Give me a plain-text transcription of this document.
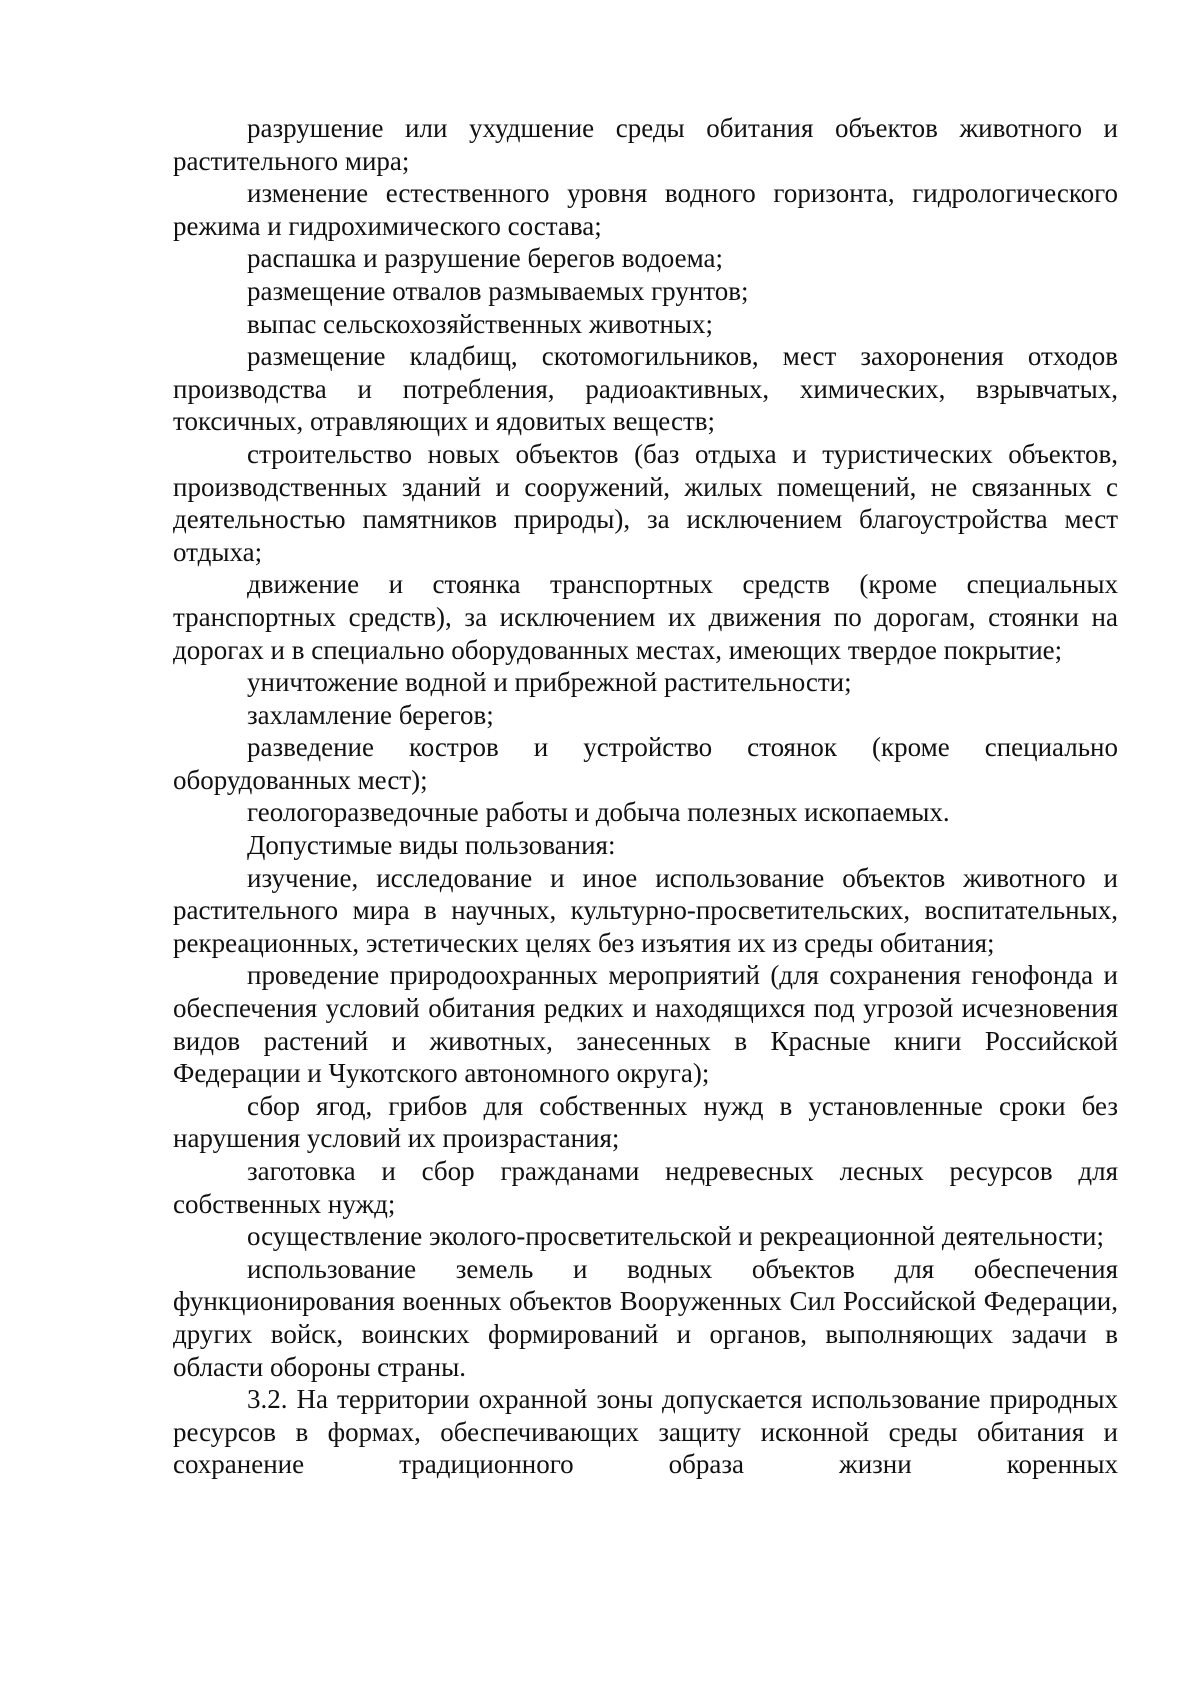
разрушение или ухудшение среды обитания объектов животного и растительного мира;

изменение естественного уровня водного горизонта, гидрологического режима и гидрохимического состава;

распашка и разрушение берегов водоема;

размещение отвалов размываемых грунтов;

выпас сельскохозяйственных животных;

размещение кладбищ, скотомогильников, мест захоронения отходов производства и потребления, радиоактивных, химических, взрывчатых, токсичных, отравляющих и ядовитых веществ;

строительство новых объектов (баз отдыха и туристических объектов, производственных зданий и сооружений, жилых помещений, не связанных с деятельностью памятников природы), за исключением благоустройства мест отдыха;

движение и стоянка транспортных средств (кроме специальных транспортных средств), за исключением их движения по дорогам, стоянки на дорогах и в специально оборудованных местах, имеющих твердое покрытие;

уничтожение водной и прибрежной растительности;

захламление берегов;

разведение костров и устройство стоянок (кроме специально оборудованных мест);

геологоразведочные работы и добыча полезных ископаемых.

Допустимые виды пользования:

изучение, исследование и иное использование объектов животного и растительного мира в научных, культурно-просветительских, воспитательных, рекреационных, эстетических целях без изъятия их из среды обитания;

проведение природоохранных мероприятий (для сохранения генофонда и обеспечения условий обитания редких и находящихся под угрозой исчезновения видов растений и животных, занесенных в Красные книги Российской Федерации и Чукотского автономного округа);

сбор ягод, грибов для собственных нужд в установленные сроки без нарушения условий их произрастания;

заготовка и сбор гражданами недревесных лесных ресурсов для собственных нужд;

осуществление эколого-просветительской и рекреационной деятельности;

использование земель и водных объектов для обеспечения функционирования военных объектов Вооруженных Сил Российской Федерации, других войск, воинских формирований и органов, выполняющих задачи в области обороны страны.

3.2. На территории охранной зоны допускается использование природных ресурсов в формах, обеспечивающих защиту исконной среды обитания и сохранение традиционного образа жизни коренных
